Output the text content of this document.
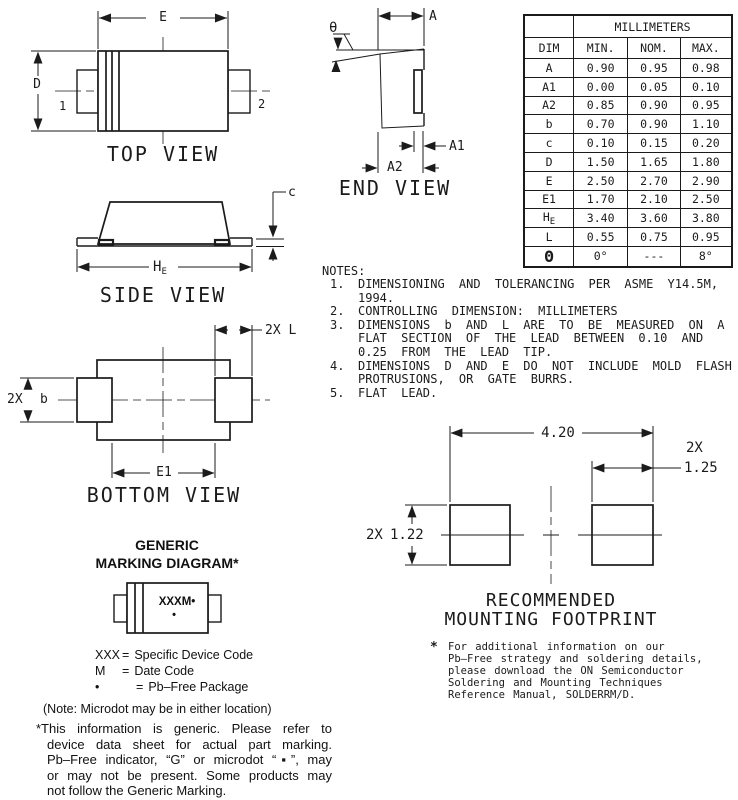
E
D
1	2
TOP VIEW
A
θ
A1
A2
END VIEW
c
$H_E$
SIDE VIEW
2X L
2X b
E1
BOTTOM VIEW
	MILLIMETERS		
DIM	MIN.	NOM.	MAX.
A	0.90	0.95	0.98
A1	0.00	0.05	0.10
A2	0.85	0.90	0.95
b	0.70	0.90	1.10
c	0.10	0.15	0.20
D	1.50	1.65	1.80
E	2.50	2.70	2.90
E1	1.70	2.10	2.50
$H_E$	3.40	3.60	3.80
L	0.55	0.75	0.95
Θ	0°	---	8°
NOTES:
1. DIMENSIONING AND TOLERANCING PER ASME Y14.5M,
1994.
2. CONTROLLING DIMENSION: MILLIMETERS
3. DIMENSIONS b AND L ARE TO BE MEASURED ON A
FLAT SECTION OF THE LEAD BETWEEN 0.10 AND
0.25 FROM THE LEAD TIP.
4. DIMENSIONS D AND E DO NOT INCLUDE MOLD FLASH
PROTRUSIONS, OR GATE BURRS.
5. FLAT LEAD.
4.20
2X
1.25
2X 1.22
RECOMMENDED
MOUNTING FOOTPRINT
GENERIC
MARKING DIAGRAM*
XXXM•
•
XXX = Specific Device Code
M = Date Code
•	= Pb–Free Package
(Note: Microdot may be in either location)
*This information is generic. Please refer to
device data sheet for actual part marking.
Pb–Free indicator, “G” or microdot “▪”, may
or may not be present. Some products may
not follow the Generic Marking.
* For additional information on our
Pb–Free strategy and soldering details,
please download the ON Semiconductor
Soldering and Mounting Techniques
Reference Manual, SOLDERRM/D.
